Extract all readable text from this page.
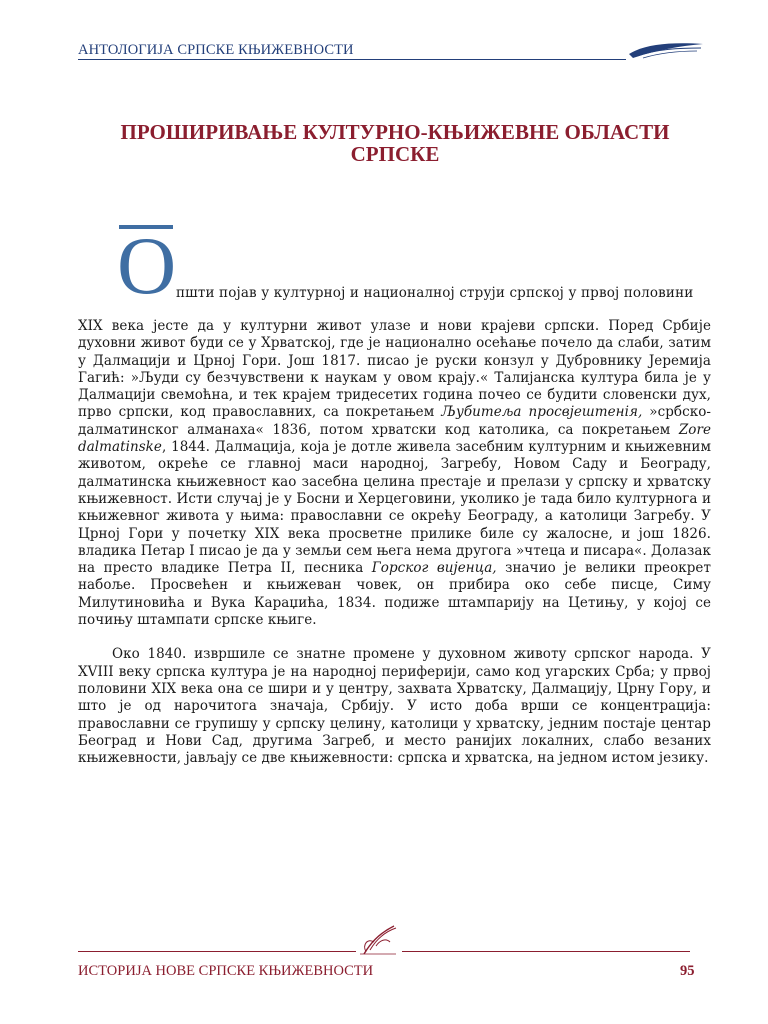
АНТОЛОГИЈА СРПСКЕ КЊИЖЕВНОСТИ
ПРОШИРИВАЊЕ КУЛТУРНО-КЊИЖЕВНЕ ОБЛАСТИ СРПСКЕ
О пшти појав у културној и националној струји српској у првој половини

XIX века јесте да у културни живот улазе и нови крајеви српски. Поред Србије духовни живот буди се у Хрватској, где је национално осећање почело да слаби, затим у Далмацији и Црној Гори. Још 1817. писао је руски конзул у Дубровнику Јеремија Гагић: »Људи су безчувствени к наукам у овом крају.« Талијанска култура била је у Далмацији свемоћна, и тек крајем тридесетих година почео се будити словенски дух, прво српски, код православних, са покретањем Љубитеља просвјештенія, »србско-далматинског алманаха« 1836, потом хрватски код католика, са покретањем Zore dalmatinske, 1844. Далмација, која је дотле живела засебним културним и књижевним животом, окреће се главној маси народној, Загребу, Новом Саду и Београду, далматинска књижевност као засебна целина престаје и прелази у српску и хрватску књижевност. Исти случај је у Босни и Херцеговини, уколико је тада било културнога и књижевног живота у њима: православни се окрећу Београду, а католици Загребу. У Црној Гори у почетку XIX века просветне прилике биле су жалосне, и још 1826. владика Петар I писао је да у земљи сем њега нема другога »чтеца и писара«. Долазак на престо владике Петра II, песника Горског вијенца, значио је велики преокрет набоље. Просвећен и књижеван човек, он прибира око себе писце, Симу Милутиновића и Вука Караџића, 1834. подиже штампарију на Цетињу, у којој се почињу штампати српске књиге.

Око 1840. извршиле се знатне промене у духовном животу српског народа. У XVIII веку српска култура је на народној периферији, само код угарских Срба; у првој половини XIX века она се шири и у центру, захвата Хрватску, Далмацију, Црну Гору, и што је од нарочитога значаја, Србију. У исто доба врши се концентрација: православни се групишу у српску целину, католици у хрватску, једним постаје центар Београд и Нови Сад, другима Загреб, и место ранијих локалних, слабо везаних књижевности, јављају се две књижевности: српска и хрватска, на једном истом језику.

ИСТОРИЈА НОВЕ СРПСКЕ КЊИЖЕВНОСТИ	95
